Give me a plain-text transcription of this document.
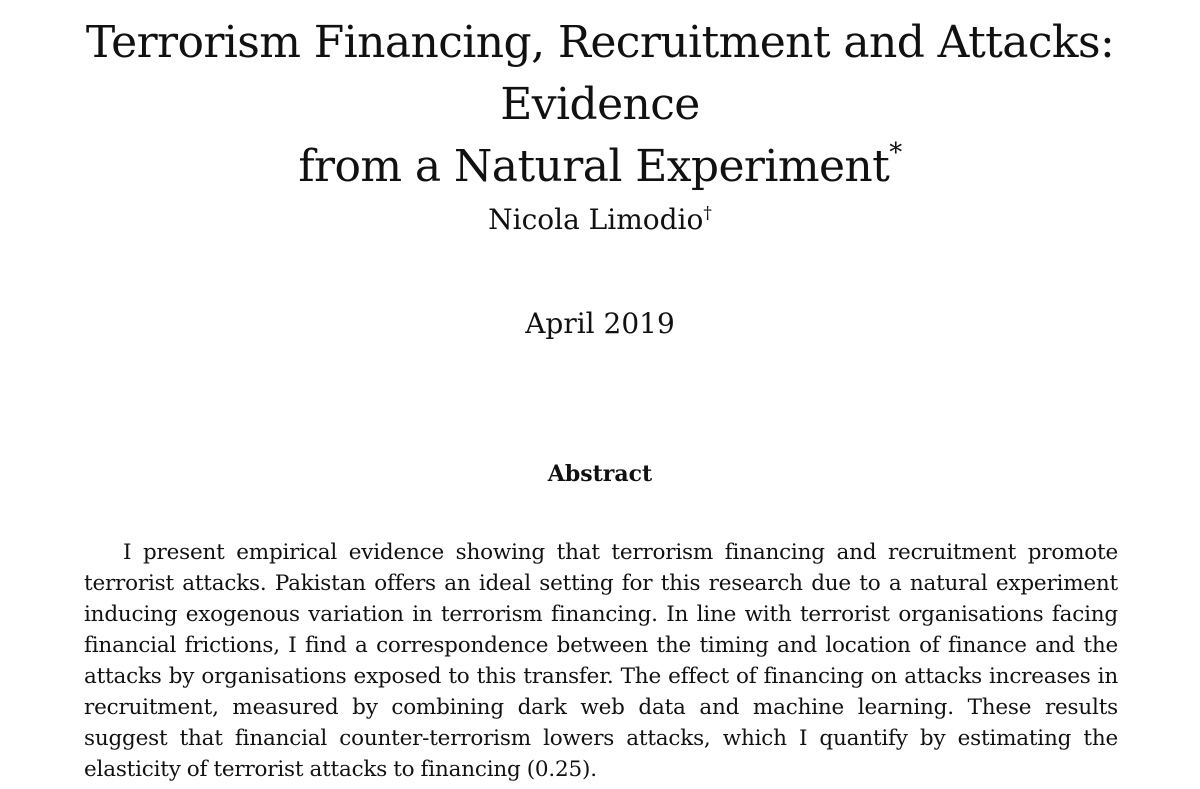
Terrorism Financing, Recruitment and Attacks: Evidence
from a Natural Experiment*
Nicola Limodio†
April 2019
Abstract

I present empirical evidence showing that terrorism financing and recruitment promote terrorist attacks. Pakistan offers an ideal setting for this research due to a natural experiment inducing exogenous variation in terrorism financing. In line with terrorist organisations facing financial frictions, I find a correspondence between the timing and location of finance and the attacks by organisations exposed to this transfer. The effect of financing on attacks increases in recruitment, measured by combining dark web data and machine learning. These results suggest that financial counter-terrorism lowers attacks, which I quantify by estimating the elasticity of terrorist attacks to financing (0.25).
